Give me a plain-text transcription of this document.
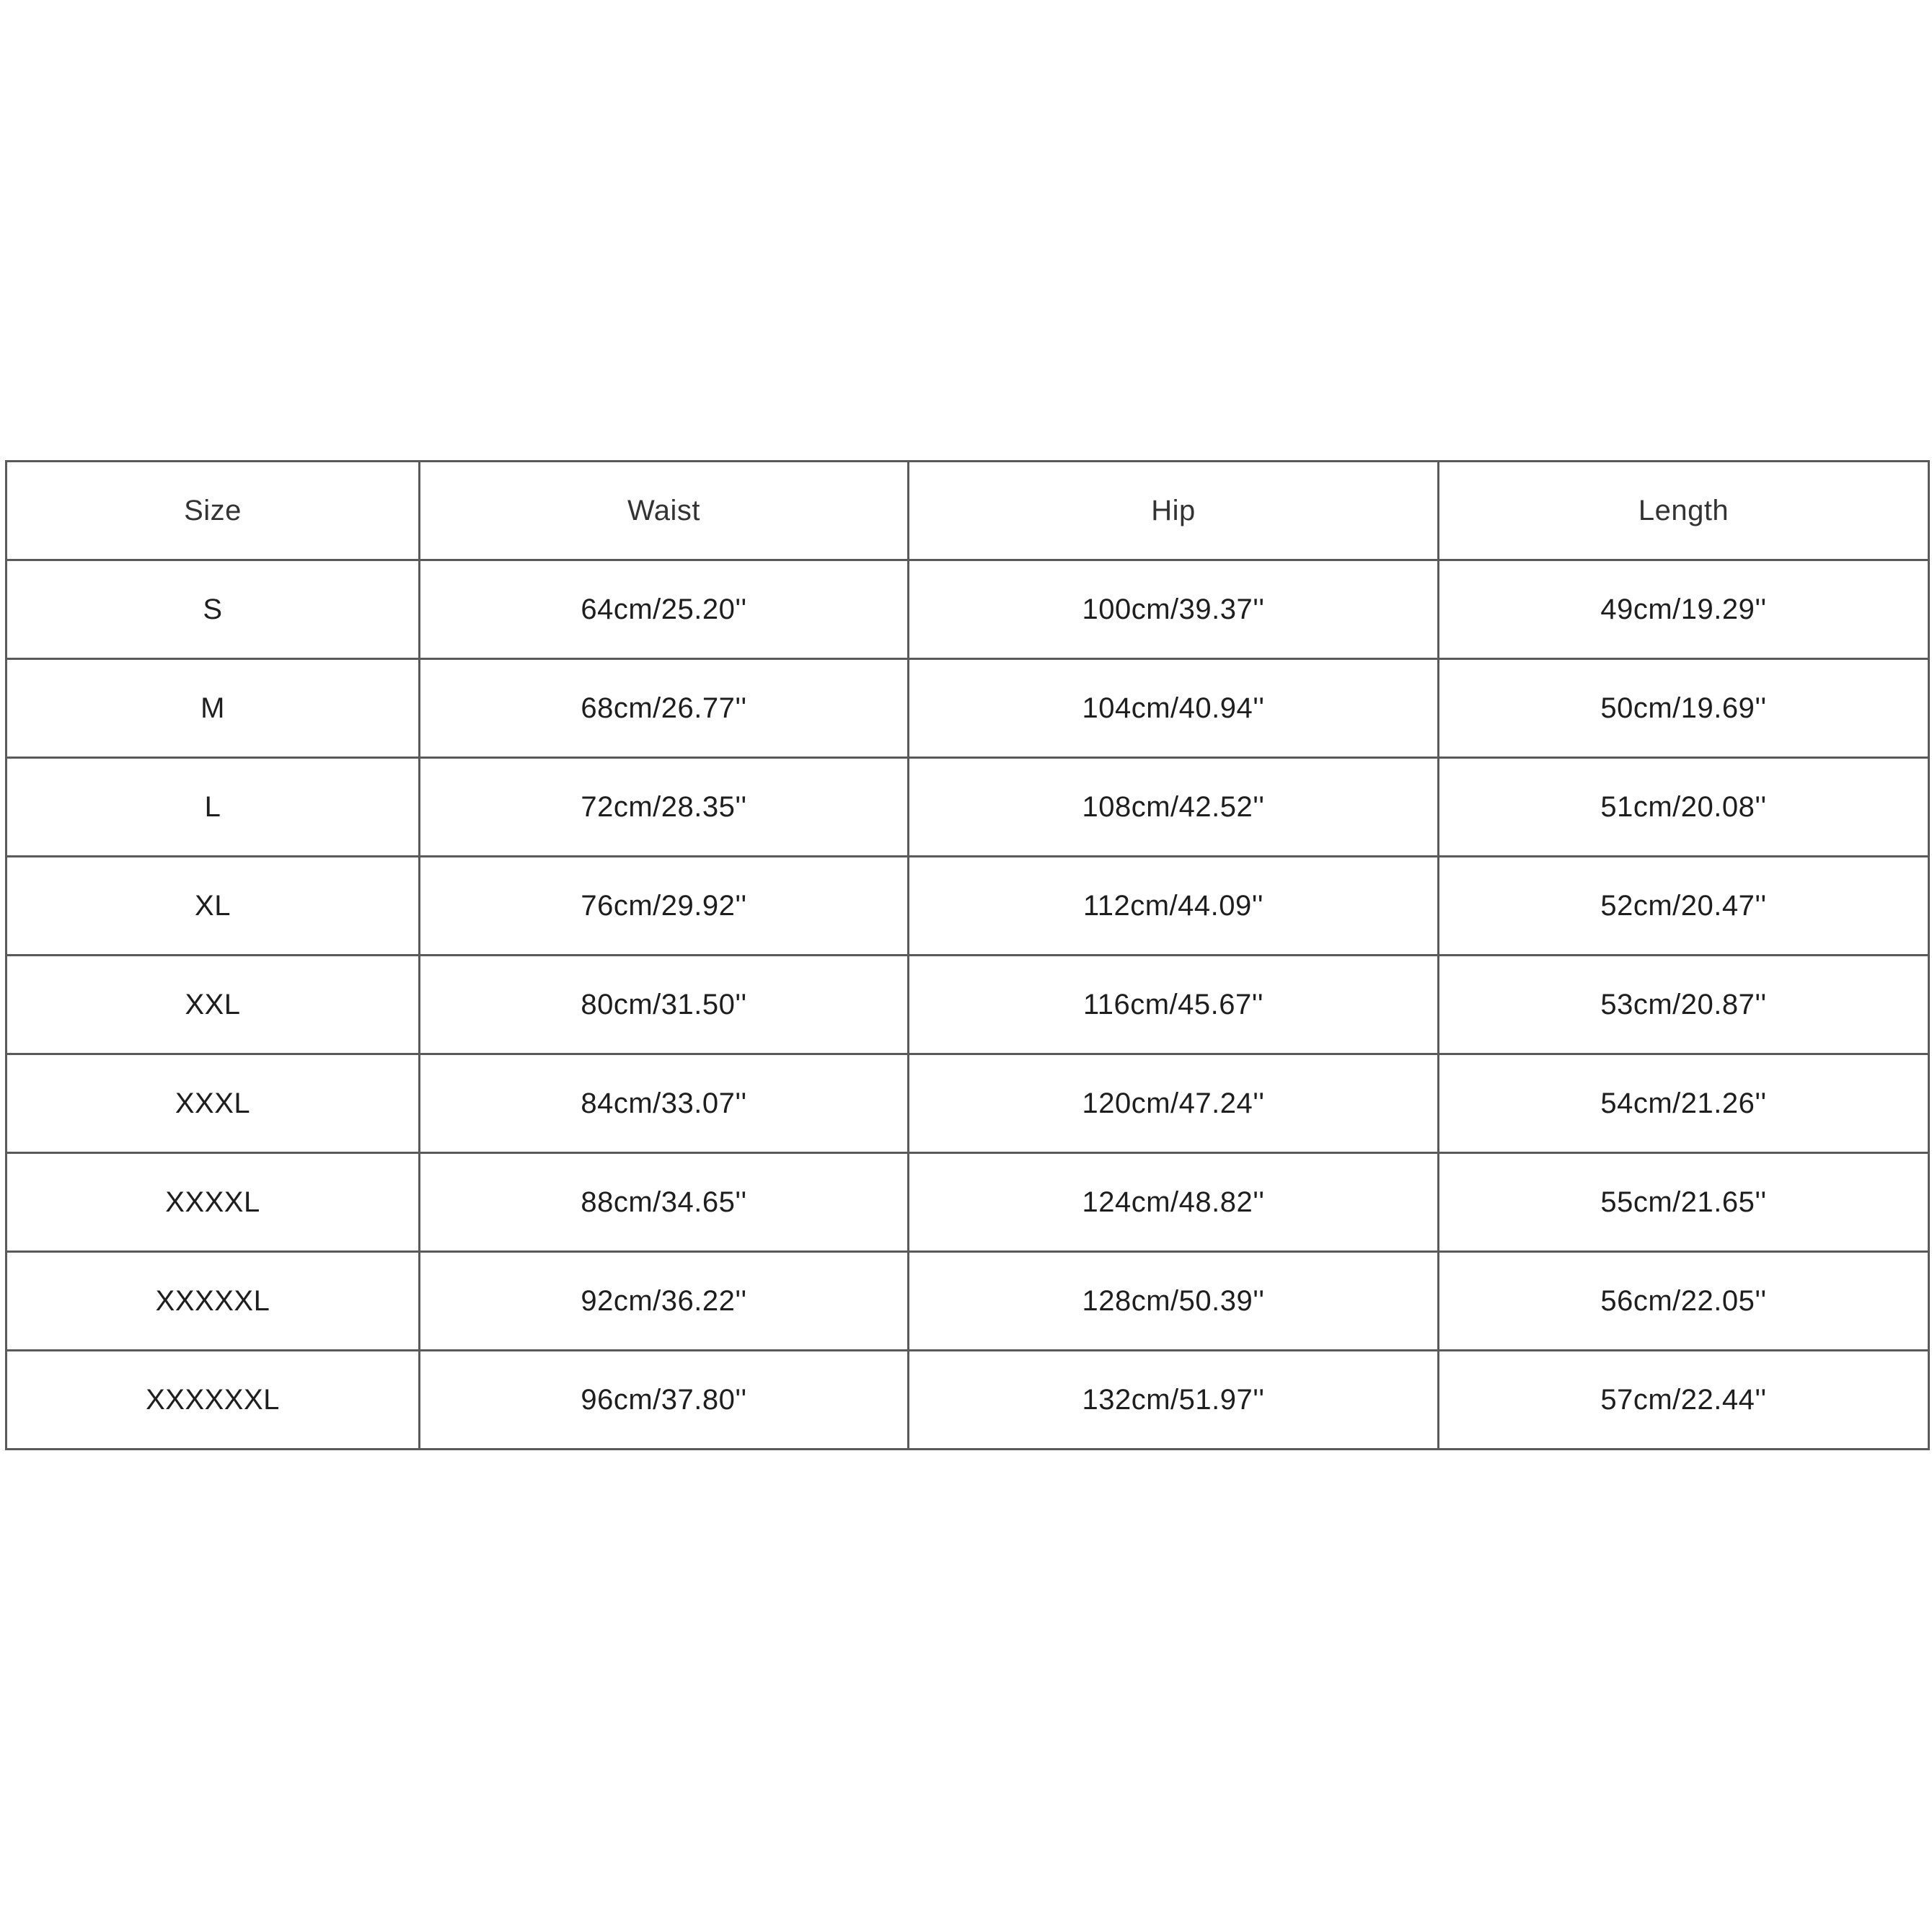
Size	Waist	Hip	Length
S	64cm/25.20''	100cm/39.37''	49cm/19.29''
M	68cm/26.77''	104cm/40.94''	50cm/19.69''
L	72cm/28.35''	108cm/42.52''	51cm/20.08''
XL	76cm/29.92''	112cm/44.09''	52cm/20.47''
XXL	80cm/31.50''	116cm/45.67''	53cm/20.87''
XXXL	84cm/33.07''	120cm/47.24''	54cm/21.26''
XXXXL	88cm/34.65''	124cm/48.82''	55cm/21.65''
XXXXXL	92cm/36.22''	128cm/50.39''	56cm/22.05''
XXXXXXL	96cm/37.80''	132cm/51.97''	57cm/22.44''
